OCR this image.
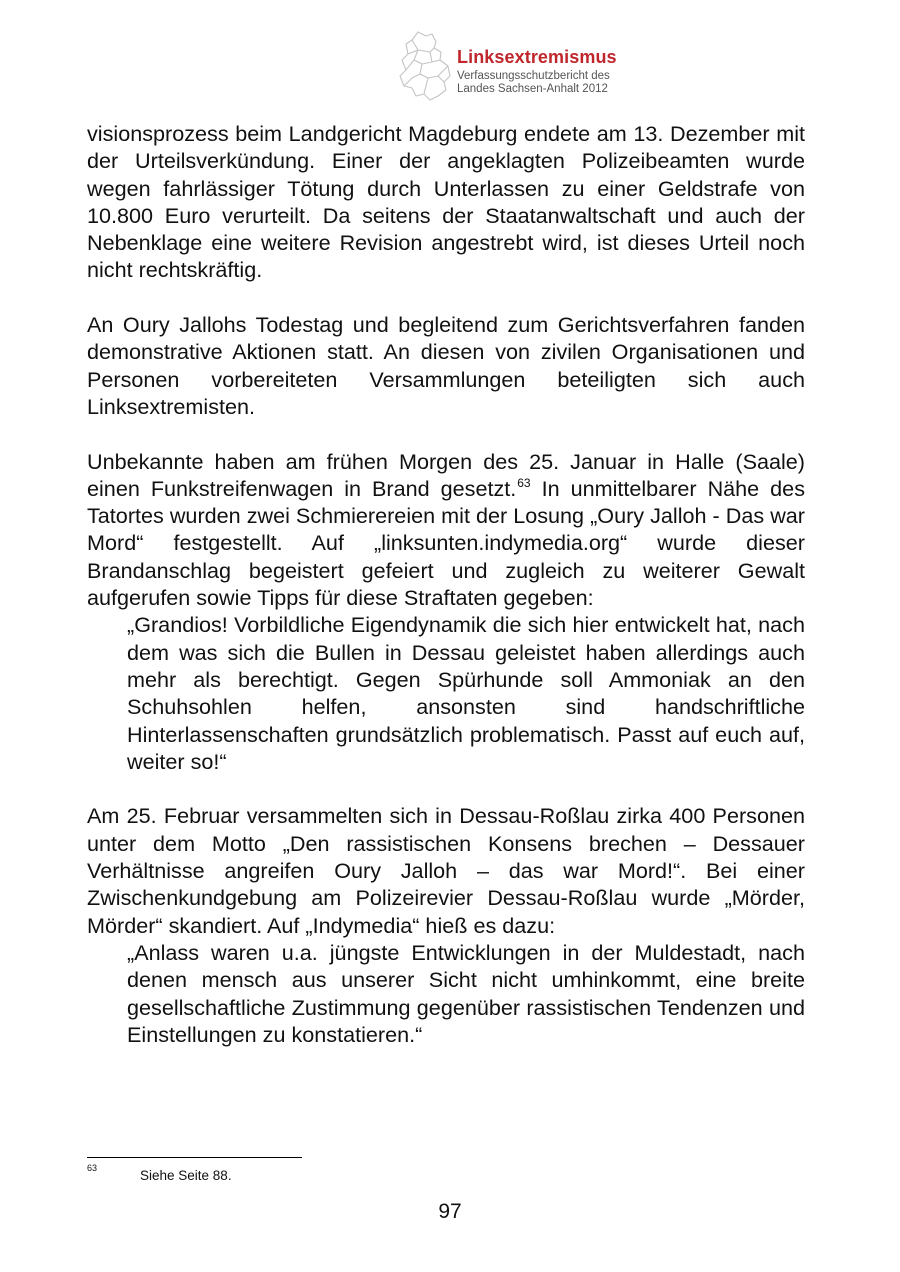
Linksextremismus
Verfassungsschutzbericht des
Landes Sachsen-Anhalt 2012

visionsprozess beim Landgericht Magdeburg endete am 13. Dezember mit der Urteilsverkündung. Einer der angeklagten Polizeibeamten wurde wegen fahrlässiger Tötung durch Unterlassen zu einer Geldstrafe von 10.800 Euro verurteilt. Da seitens der Staatanwaltschaft und auch der Nebenklage eine weitere Revision angestrebt wird, ist dieses Urteil noch nicht rechtskräftig.

An Oury Jallohs Todestag und begleitend zum Gerichtsverfahren fanden demonstrative Aktionen statt. An diesen von zivilen Organisationen und Personen vorbereiteten Versammlungen beteiligten sich auch Linksextremisten.

Unbekannte haben am frühen Morgen des 25. Januar in Halle (Saale) einen Funkstreifenwagen in Brand gesetzt.$^{63}$ In unmittelbarer Nähe des Tatortes wurden zwei Schmierereien mit der Losung „Oury Jalloh - Das war Mord“ festgestellt. Auf „linksunten.indymedia.org“ wurde dieser Brandanschlag begeistert gefeiert und zugleich zu weiterer Gewalt aufgerufen sowie Tipps für diese Straftaten gegeben:

„Grandios! Vorbildliche Eigendynamik die sich hier entwickelt hat, nach dem was sich die Bullen in Dessau geleistet haben allerdings auch mehr als berechtigt. Gegen Spürhunde soll Ammoniak an den Schuhsohlen helfen, ansonsten sind handschriftliche Hinterlassenschaften grundsätzlich problematisch. Passt auf euch auf, weiter so!“

Am 25. Februar versammelten sich in Dessau-Roßlau zirka 400 Personen unter dem Motto „Den rassistischen Konsens brechen – Dessauer Verhältnisse angreifen Oury Jalloh – das war Mord!“. Bei einer Zwischenkundgebung am Polizeirevier Dessau-Roßlau wurde „Mörder, Mörder“ skandiert. Auf „Indymedia“ hieß es dazu:

„Anlass waren u.a. jüngste Entwicklungen in der Muldestadt, nach denen mensch aus unserer Sicht nicht umhinkommt, eine breite gesellschaftliche Zustimmung gegenüber rassistischen Tendenzen und Einstellungen zu konstatieren.“

63	Siehe Seite 88.
97
